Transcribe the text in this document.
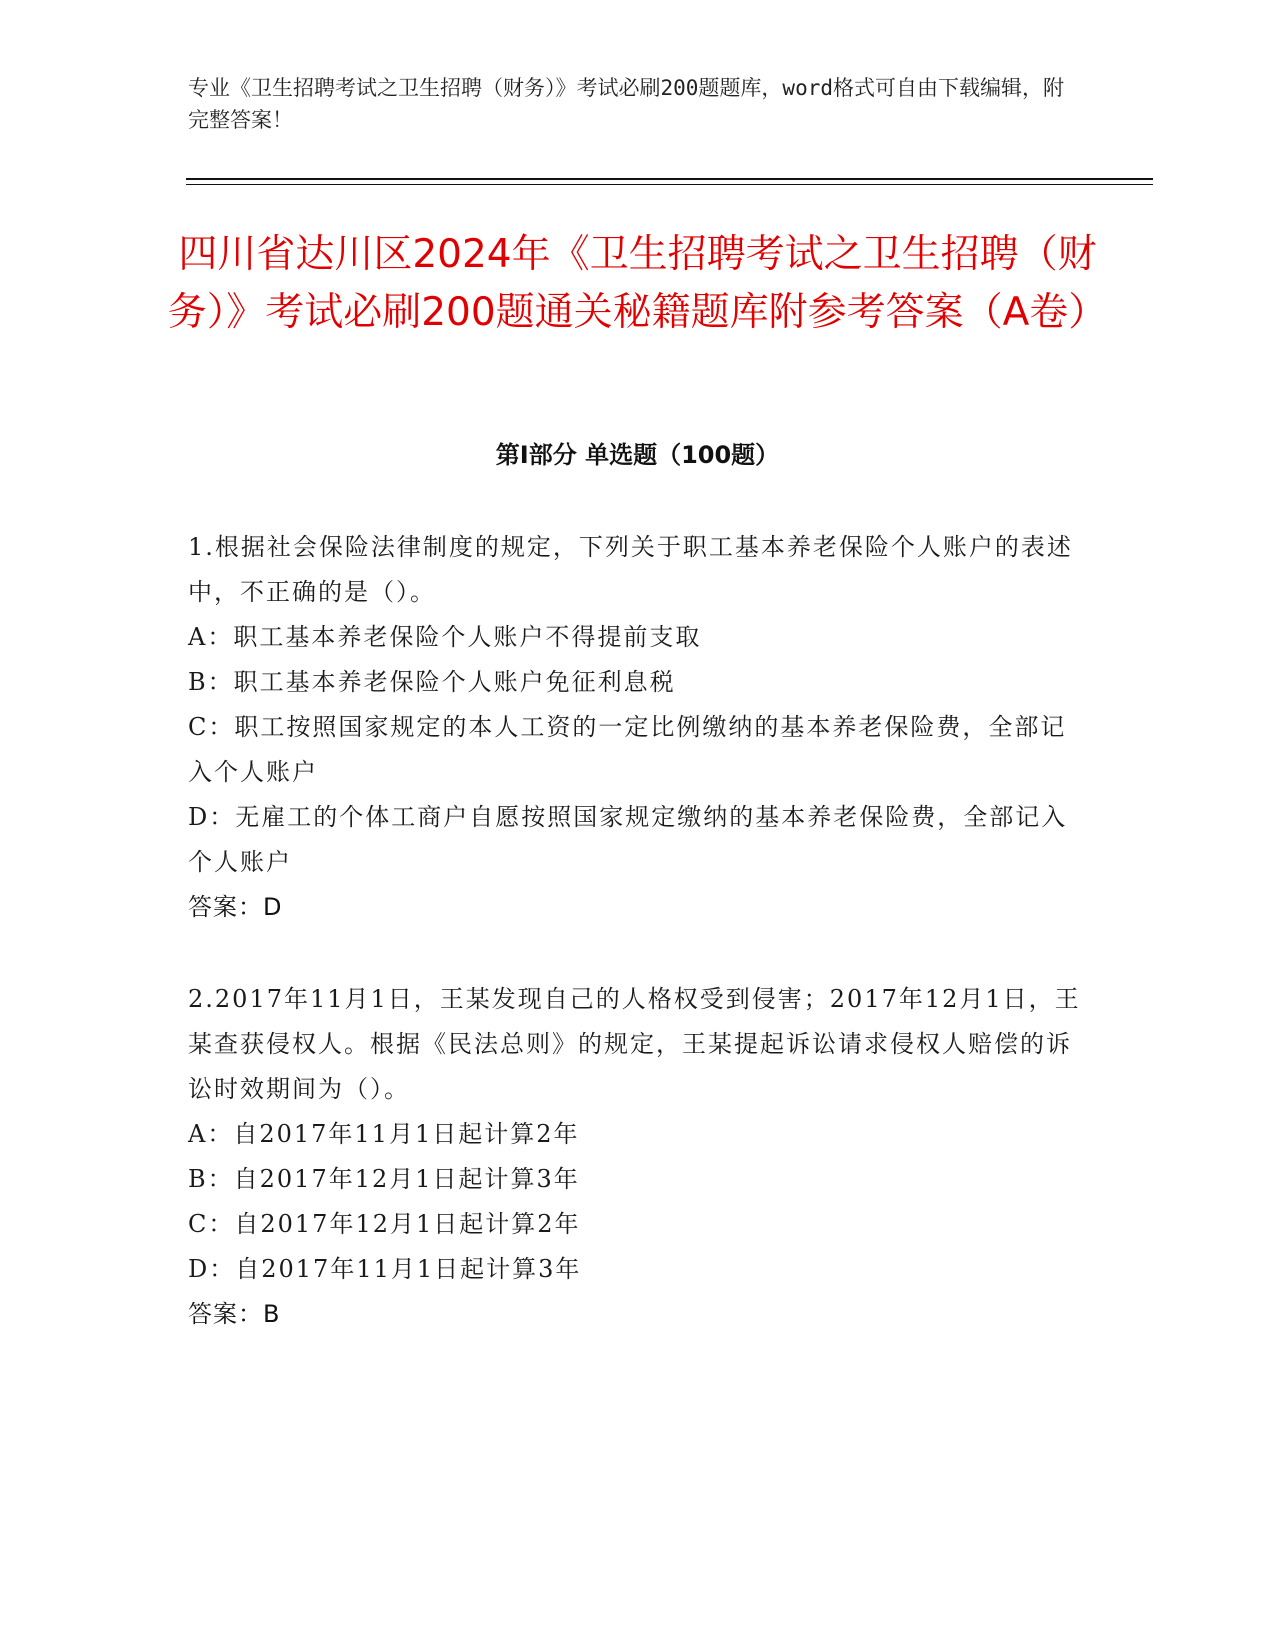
专业《卫生招聘考试之卫生招聘（财务）》考试必刷200题题库，word格式可自由下载编辑，附完整答案！
四川省达川区2024年《卫生招聘考试之卫生招聘（财务）》考试必刷200题通关秘籍题库附参考答案（A卷）
第I部分 单选题（100题）

1.根据社会保险法律制度的规定，下列关于职工基本养老保险个人账户的表述中，不正确的是（）。

A：职工基本养老保险个人账户不得提前支取

B：职工基本养老保险个人账户免征利息税

C：职工按照国家规定的本人工资的一定比例缴纳的基本养老保险费，全部记入个人账户

D：无雇工的个体工商户自愿按照国家规定缴纳的基本养老保险费，全部记入个人账户

答案：D

2.2017年11月1日，王某发现自己的人格权受到侵害；2017年12月1日，王某查获侵权人。根据《民法总则》的规定，王某提起诉讼请求侵权人赔偿的诉讼时效期间为（）。

A：自2017年11月1日起计算2年

B：自2017年12月1日起计算3年

C：自2017年12月1日起计算2年

D：自2017年11月1日起计算3年

答案：B
